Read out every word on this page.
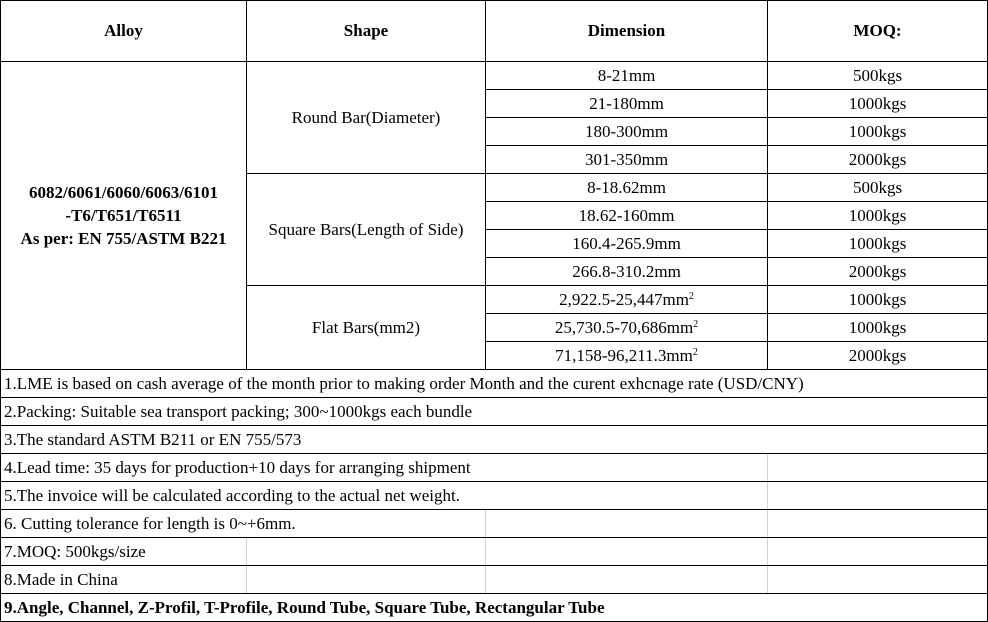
Alloy	Shape	Dimension	MOQ:

6082/6061/6060/6063/6101
-T6/T651/T6511
As per: EN 755/ASTM B221	Round Bar(Diameter)	8-21mm	500kgs
		21-180mm	1000kgs
		180-300mm	1000kgs
		301-350mm	2000kgs
	Square Bars(Length of Side)	8-18.62mm	500kgs
		18.62-160mm	1000kgs
		160.4-265.9mm	1000kgs
		266.8-310.2mm	2000kgs
	Flat Bars(mm2)	$2,922.5-25,447mm^2$	1000kgs
		$25,730.5-70,686mm^2$	1000kgs
		$71,158-96,211.3mm^2$	2000kgs
1.LME is based on cash average of the month prior to making order Month and the curent exhcnage rate (USD/CNY)			
2.Packing: Suitable sea transport packing; 300~1000kgs each bundle			
3.The standard ASTM B211 or EN 755/573			
4.Lead time: 35 days for production+10 days for arranging shipment			
5.The invoice will be calculated according to the actual net weight.			
6. Cutting tolerance for length is 0~+6mm.			
7.MOQ: 500kgs/size			
8.Made in China			
9.Angle, Channel, Z-Profil, T-Profile, Round Tube, Square Tube, Rectangular Tube			
